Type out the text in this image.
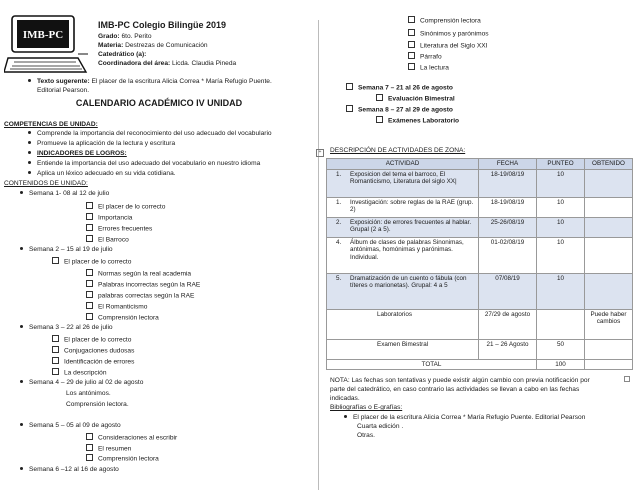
IMB-PC
IMB-PC Colegio Bilingüe 2019
Grado: 6to. Perito
Materia: Destrezas de Comunicación
Catedrático (a):
Coordinadora del área: Licda. Claudia Pineda
Texto sugerente: El placer de la escritura Alicia Correa * María Refugio Puente.
Editorial Pearson.
CALENDARIO ACADÉMICO IV UNIDAD
COMPETENCIAS DE UNIDAD:
Comprende la importancia del reconocimiento del uso adecuado del vocabulario
Promueve la aplicación de la lectura y escritura
INDICADORES DE LOGROS:
Entiende la importancia del uso adecuado del vocabulario en nuestro idioma
Aplica un léxico adecuado en su vida cotidiana.
CONTENIDOS DE UNIDAD:
Semana 1- 08 al 12 de julio
El placer de lo correcto
Importancia
Errores frecuentes
El Barroco
Semana 2 – 15 al 19 de julio
El placer de lo correcto
Normas según la real academia
Palabras incorrectas según la RAE
palabras correctas según la RAE
El Romanticismo
Comprensión lectora
Semana 3 – 22 al 26 de julio
El placer de lo correcto
Conjugaciones dudosas
Identificación de errores
La descripción
Semana 4 – 29 de julio al 02 de agosto
Los antónimos.
Comprensión lectora.
Semana 5 – 05 al 09 de agosto
Consideraciones al escribir
El resumen
Comprensión lectora
Semana 6 –12 al 16 de agosto
Comprensión lectora
Sinónimos y parónimos
Literatura del Siglo XXI
Párrafo
La lectura
Semana 7 – 21 al 26 de agosto
Evaluación Bimestral
Semana 8 – 27 al 29 de agosto
Exámenes Laboratorio
+	DESCRIPCIÓN DE ACTIVIDADES DE ZONA:
ACTIVIDAD	FECHA	PUNTEO	OBTENIDO

1. Exposicion del tema el barroco, El Romanticismo, Literatura del siglo XX|	18-19/08/19	10	

1. Investigación: sobre reglas de la RAE (grup. 2)	18-19/08/19	10	

2. Exposición: de errores frecuentes al hablar. Grupal (2 a 5).	25-26/08/19	10	

4. Álbum de clases de palabras Sinonimas, antónimas, homónimas y parónimas. Individual.	01-02/08/19	10	

5. Dramatización de un cuento o fábula (con títeres o marionetas). Grupal: 4 a 5	07/08/19	10	
Laboratorios	27/29 de agosto		Puede haber cambios
Examen Bimestral	21 – 26 Agosto	50	
TOTAL		100	
NOTA: Las fechas son tentativas y puede existir algún cambio con previa notificación por
parte del catedrático, en caso contrario las actividades se llevan a cabo en las fechas
indicadas.
Bibliografías o E-grafías:
El placer de la escritura Alicia Correa * María Refugio Puente. Editorial Pearson
Cuarta edición .
Otras.
